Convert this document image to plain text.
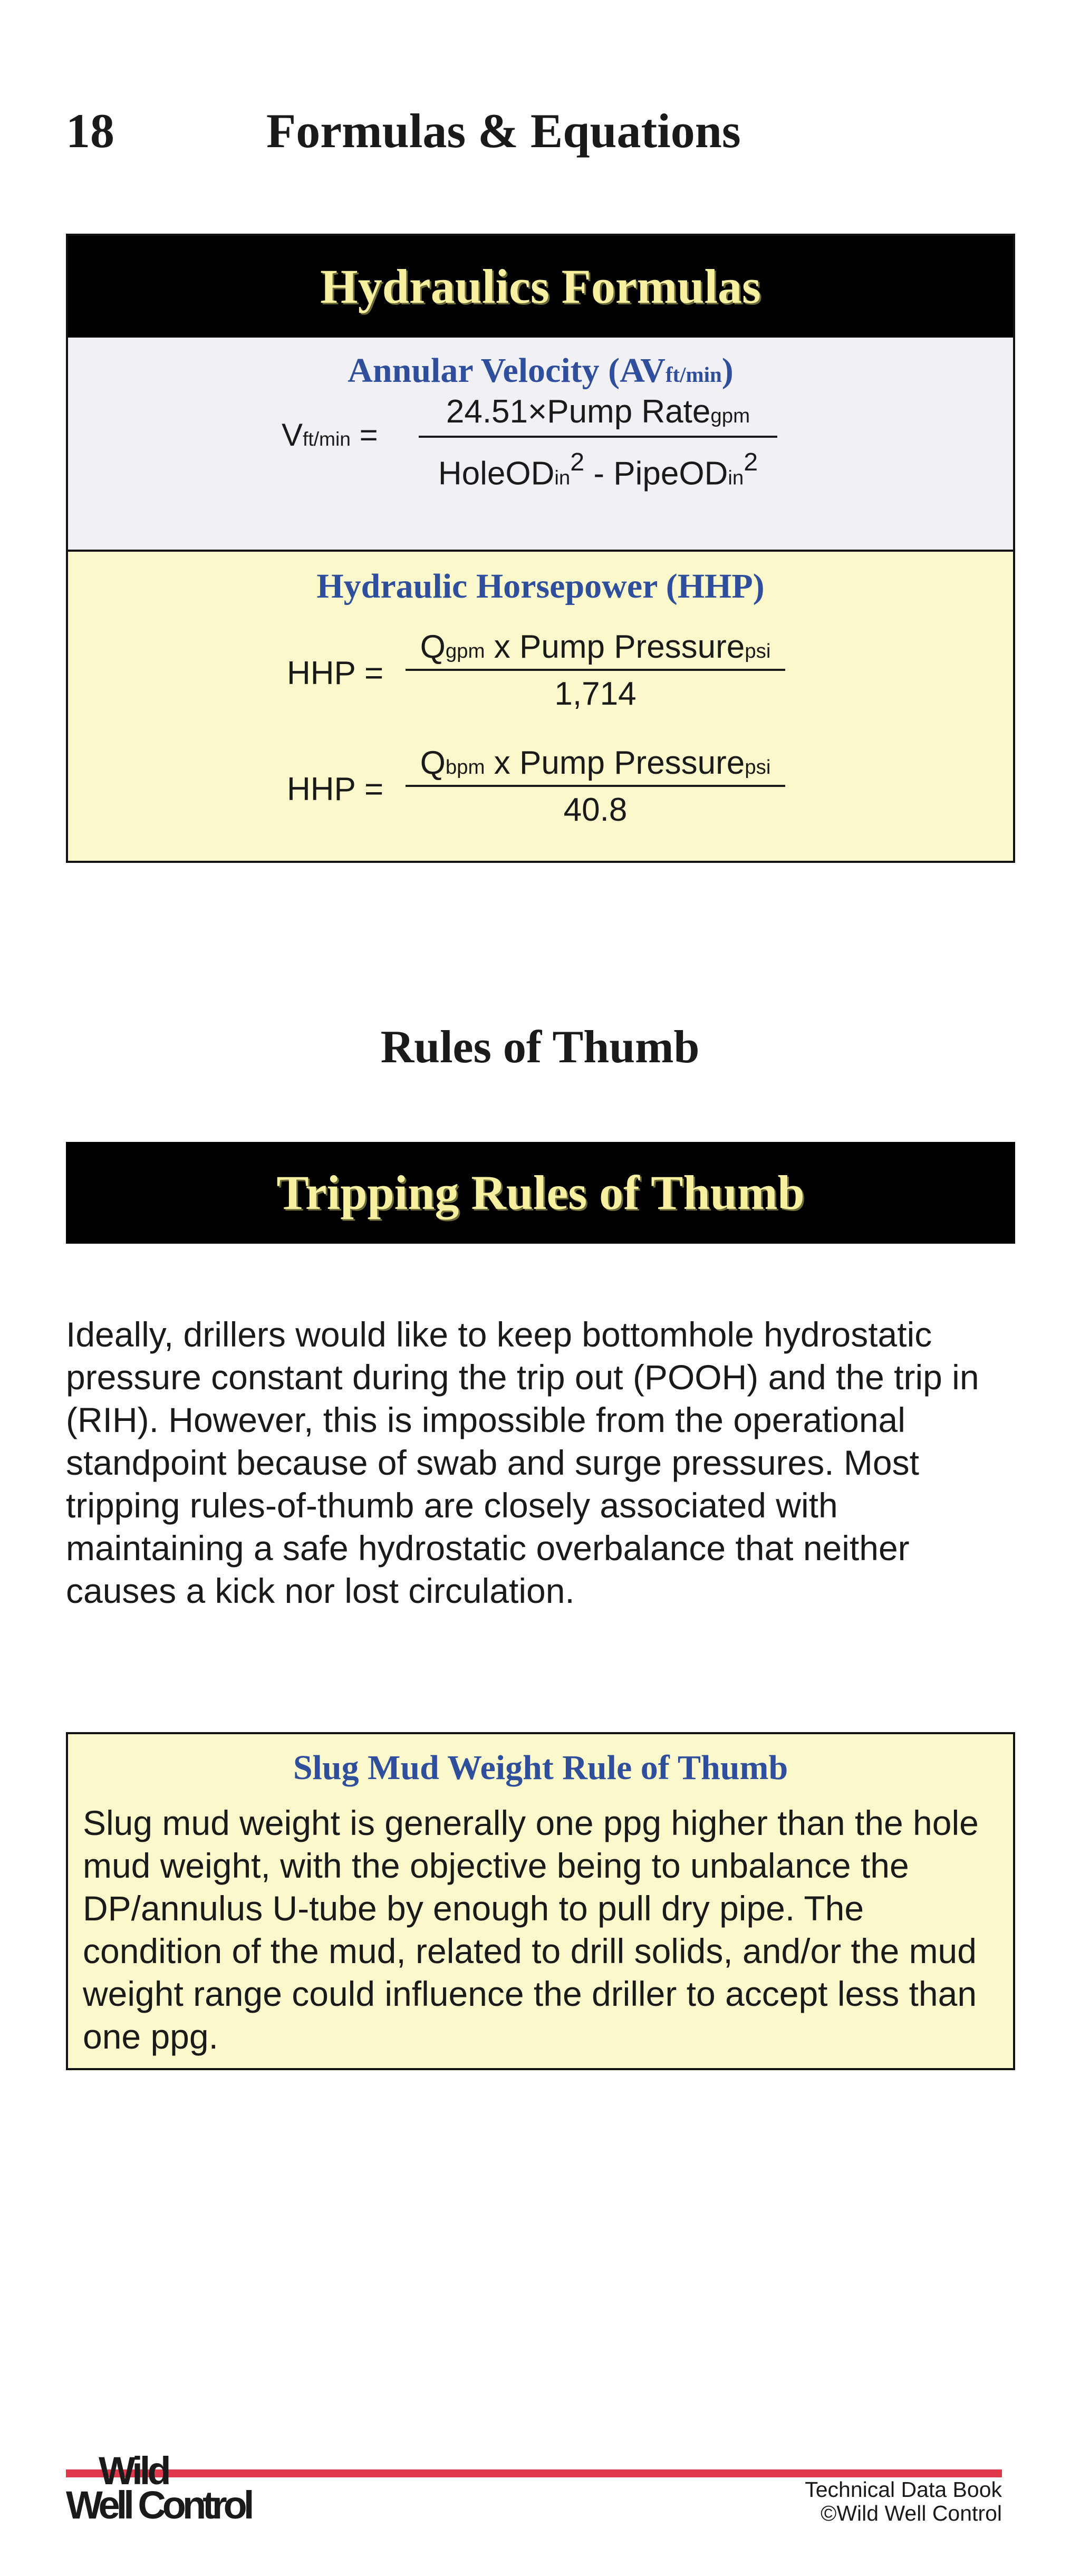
18	Formulas & Equations
Hydraulics Formulas
Annular Velocity (AVft/min)
Vft/min =
24.51×Pump Rategpm
HoleODin$^2$ - PipeODin$^2$
Hydraulic Horsepower (HHP)
HHP =
Qgpm x Pump Pressurepsi
1,714
HHP =
Qbpm x Pump Pressurepsi
40.8
Rules of Thumb
Tripping Rules of Thumb
Ideally, drillers would like to keep bottomhole hydrostatic pressure constant during the trip out (POOH) and the trip in (RIH). However, this is impossible from the operational standpoint because of swab and surge pressures. Most tripping rules-of-thumb are closely associated with maintaining a safe hydrostatic overbalance that neither causes a kick nor lost circulation.
Slug Mud Weight Rule of Thumb
Slug mud weight is generally one ppg higher than the hole mud weight, with the objective being to unbalance the DP/annulus U-tube by enough to pull dry pipe. The condition of the mud, related to drill solids, and/or the mud weight range could influence the driller to accept less than one ppg.
Wild
Well Control	Technical Data Book
©Wild Well Control
